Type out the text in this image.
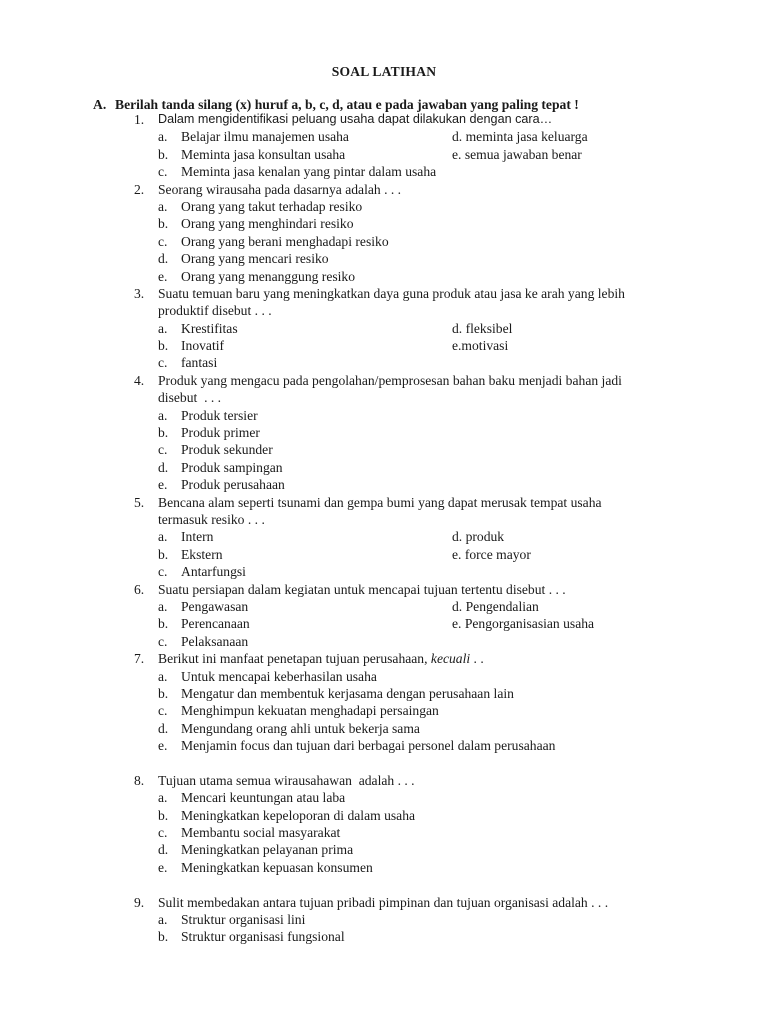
SOAL LATIHAN
A. Berilah tanda silang (x) huruf a, b, c, d, atau e pada jawaban yang paling tepat !
1.	Dalam mengidentifikasi peluang usaha dapat dilakukan dengan cara…
a. Belajar ilmu manajemen usaha	d. meminta jasa keluarga
b. Meminta jasa konsultan usaha	e. semua jawaban benar
c. Meminta jasa kenalan yang pintar dalam usaha
2.	Seorang wirausaha pada dasarnya adalah . . .
a. Orang yang takut terhadap resiko
b. Orang yang menghindari resiko
c. Orang yang berani menghadapi resiko
d. Orang yang mencari resiko
e. Orang yang menanggung resiko
3.	Suatu temuan baru yang meningkatkan daya guna produk atau jasa ke arah yang lebih
produktif disebut . . .
a. Krestifitas	d. fleksibel
b. Inovatif	e.motivasi
c. fantasi
4.	Produk yang mengacu pada pengolahan/pemprosesan bahan baku menjadi bahan jadi
disebut  . . .
a. Produk tersier
b. Produk primer
c. Produk sekunder
d. Produk sampingan
e. Produk perusahaan
5.	Bencana alam seperti tsunami dan gempa bumi yang dapat merusak tempat usaha
termasuk resiko . . .
a. Intern	d. produk
b. Ekstern	e. force mayor
c. Antarfungsi
6.	Suatu persiapan dalam kegiatan untuk mencapai tujuan tertentu disebut . . .
a. Pengawasan	d. Pengendalian
b. Perencanaan	e. Pengorganisasian usaha
c. Pelaksanaan
7.	Berikut ini manfaat penetapan tujuan perusahaan, kecuali . .
a. Untuk mencapai keberhasilan usaha
b. Mengatur dan membentuk kerjasama dengan perusahaan lain
c. Menghimpun kekuatan menghadapi persaingan
d. Mengundang orang ahli untuk bekerja sama
e. Menjamin focus dan tujuan dari berbagai personel dalam perusahaan
8.	Tujuan utama semua wirausahawan  adalah . . .
a. Mencari keuntungan atau laba
b. Meningkatkan kepeloporan di dalam usaha
c. Membantu social masyarakat
d. Meningkatkan pelayanan prima
e. Meningkatkan kepuasan konsumen
9.	Sulit membedakan antara tujuan pribadi pimpinan dan tujuan organisasi adalah . . .
a. Struktur organisasi lini
b. Struktur organisasi fungsional
